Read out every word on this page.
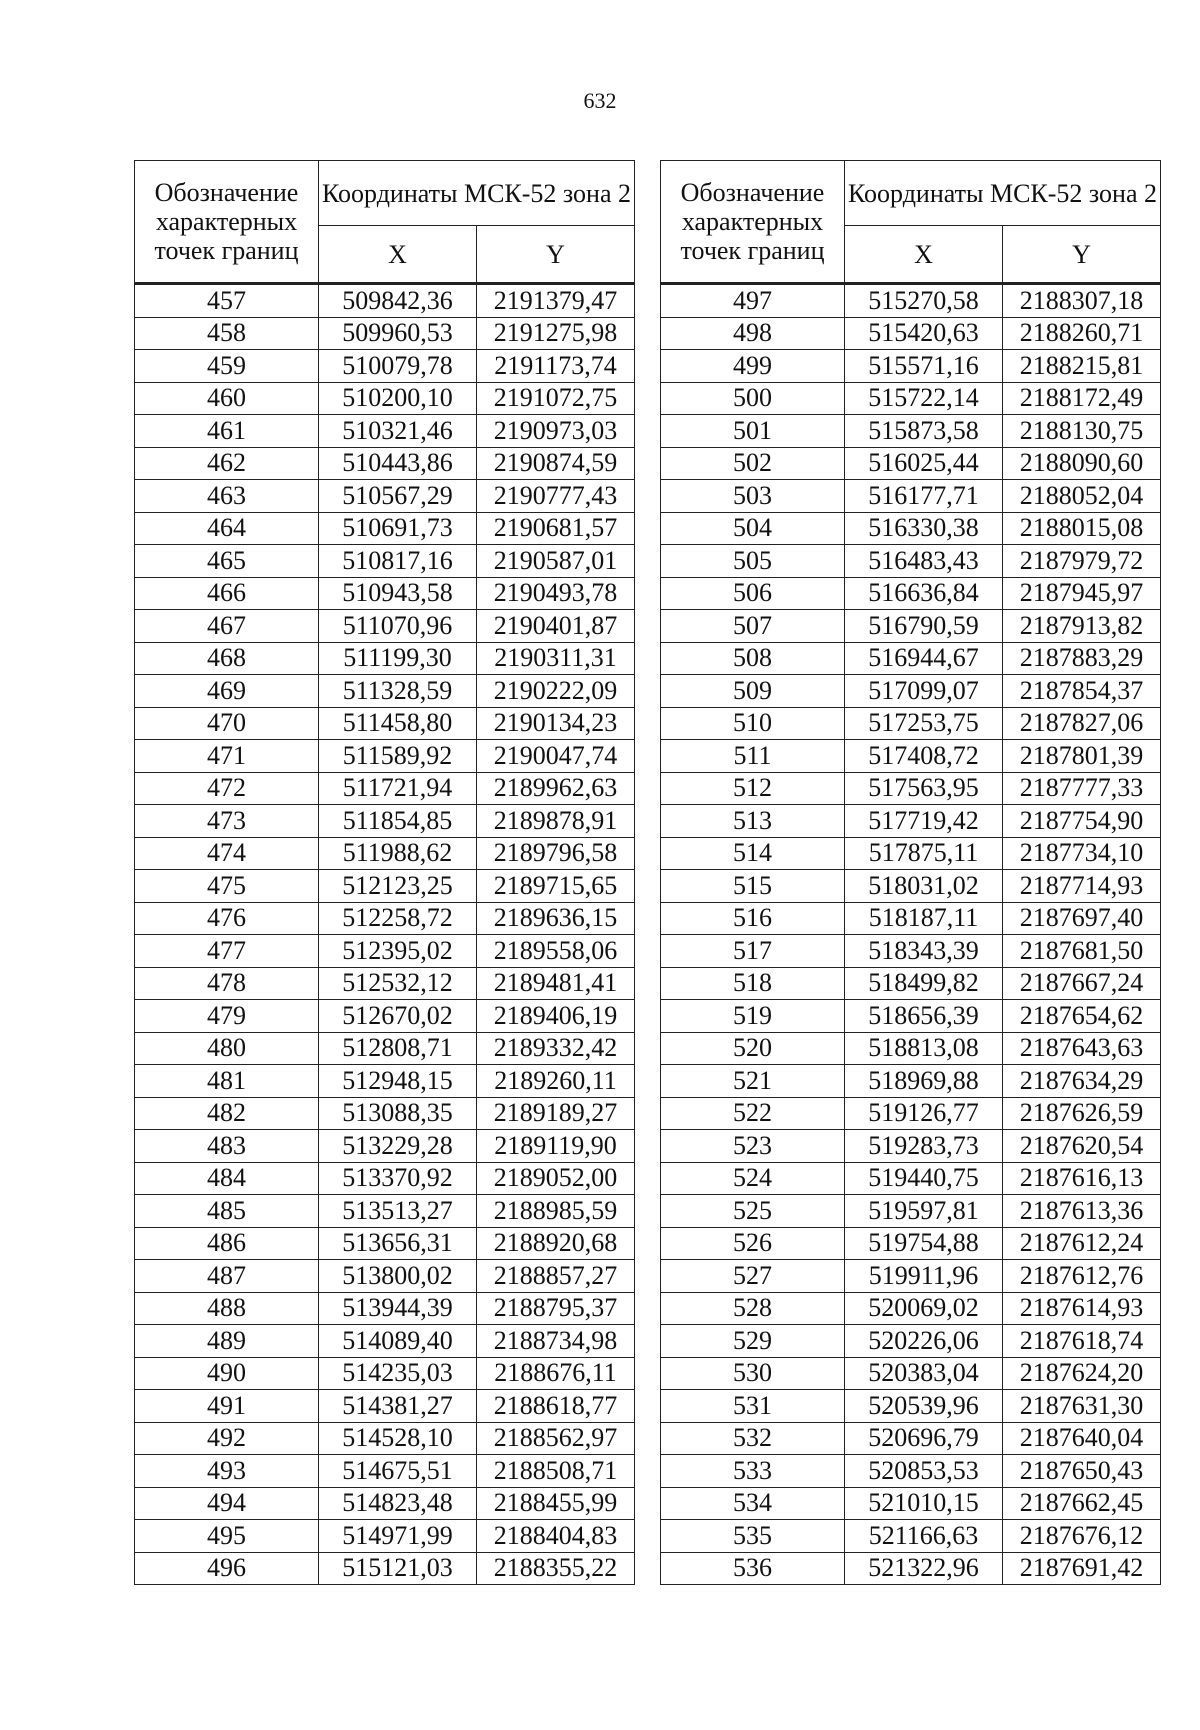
632
Обозначение характерных точек границ	Координаты МСК-52 зона 2	
	X	Y
457	509842,36	2191379,47
458	509960,53	2191275,98
459	510079,78	2191173,74
460	510200,10	2191072,75
461	510321,46	2190973,03
462	510443,86	2190874,59
463	510567,29	2190777,43
464	510691,73	2190681,57
465	510817,16	2190587,01
466	510943,58	2190493,78
467	511070,96	2190401,87
468	511199,30	2190311,31
469	511328,59	2190222,09
470	511458,80	2190134,23
471	511589,92	2190047,74
472	511721,94	2189962,63
473	511854,85	2189878,91
474	511988,62	2189796,58
475	512123,25	2189715,65
476	512258,72	2189636,15
477	512395,02	2189558,06
478	512532,12	2189481,41
479	512670,02	2189406,19
480	512808,71	2189332,42
481	512948,15	2189260,11
482	513088,35	2189189,27
483	513229,28	2189119,90
484	513370,92	2189052,00
485	513513,27	2188985,59
486	513656,31	2188920,68
487	513800,02	2188857,27
488	513944,39	2188795,37
489	514089,40	2188734,98
490	514235,03	2188676,11
491	514381,27	2188618,77
492	514528,10	2188562,97
493	514675,51	2188508,71
494	514823,48	2188455,99
495	514971,99	2188404,83
496	515121,03	2188355,22
Обозначение характерных точек границ	Координаты МСК-52 зона 2	
	X	Y
497	515270,58	2188307,18
498	515420,63	2188260,71
499	515571,16	2188215,81
500	515722,14	2188172,49
501	515873,58	2188130,75
502	516025,44	2188090,60
503	516177,71	2188052,04
504	516330,38	2188015,08
505	516483,43	2187979,72
506	516636,84	2187945,97
507	516790,59	2187913,82
508	516944,67	2187883,29
509	517099,07	2187854,37
510	517253,75	2187827,06
511	517408,72	2187801,39
512	517563,95	2187777,33
513	517719,42	2187754,90
514	517875,11	2187734,10
515	518031,02	2187714,93
516	518187,11	2187697,40
517	518343,39	2187681,50
518	518499,82	2187667,24
519	518656,39	2187654,62
520	518813,08	2187643,63
521	518969,88	2187634,29
522	519126,77	2187626,59
523	519283,73	2187620,54
524	519440,75	2187616,13
525	519597,81	2187613,36
526	519754,88	2187612,24
527	519911,96	2187612,76
528	520069,02	2187614,93
529	520226,06	2187618,74
530	520383,04	2187624,20
531	520539,96	2187631,30
532	520696,79	2187640,04
533	520853,53	2187650,43
534	521010,15	2187662,45
535	521166,63	2187676,12
536	521322,96	2187691,42
